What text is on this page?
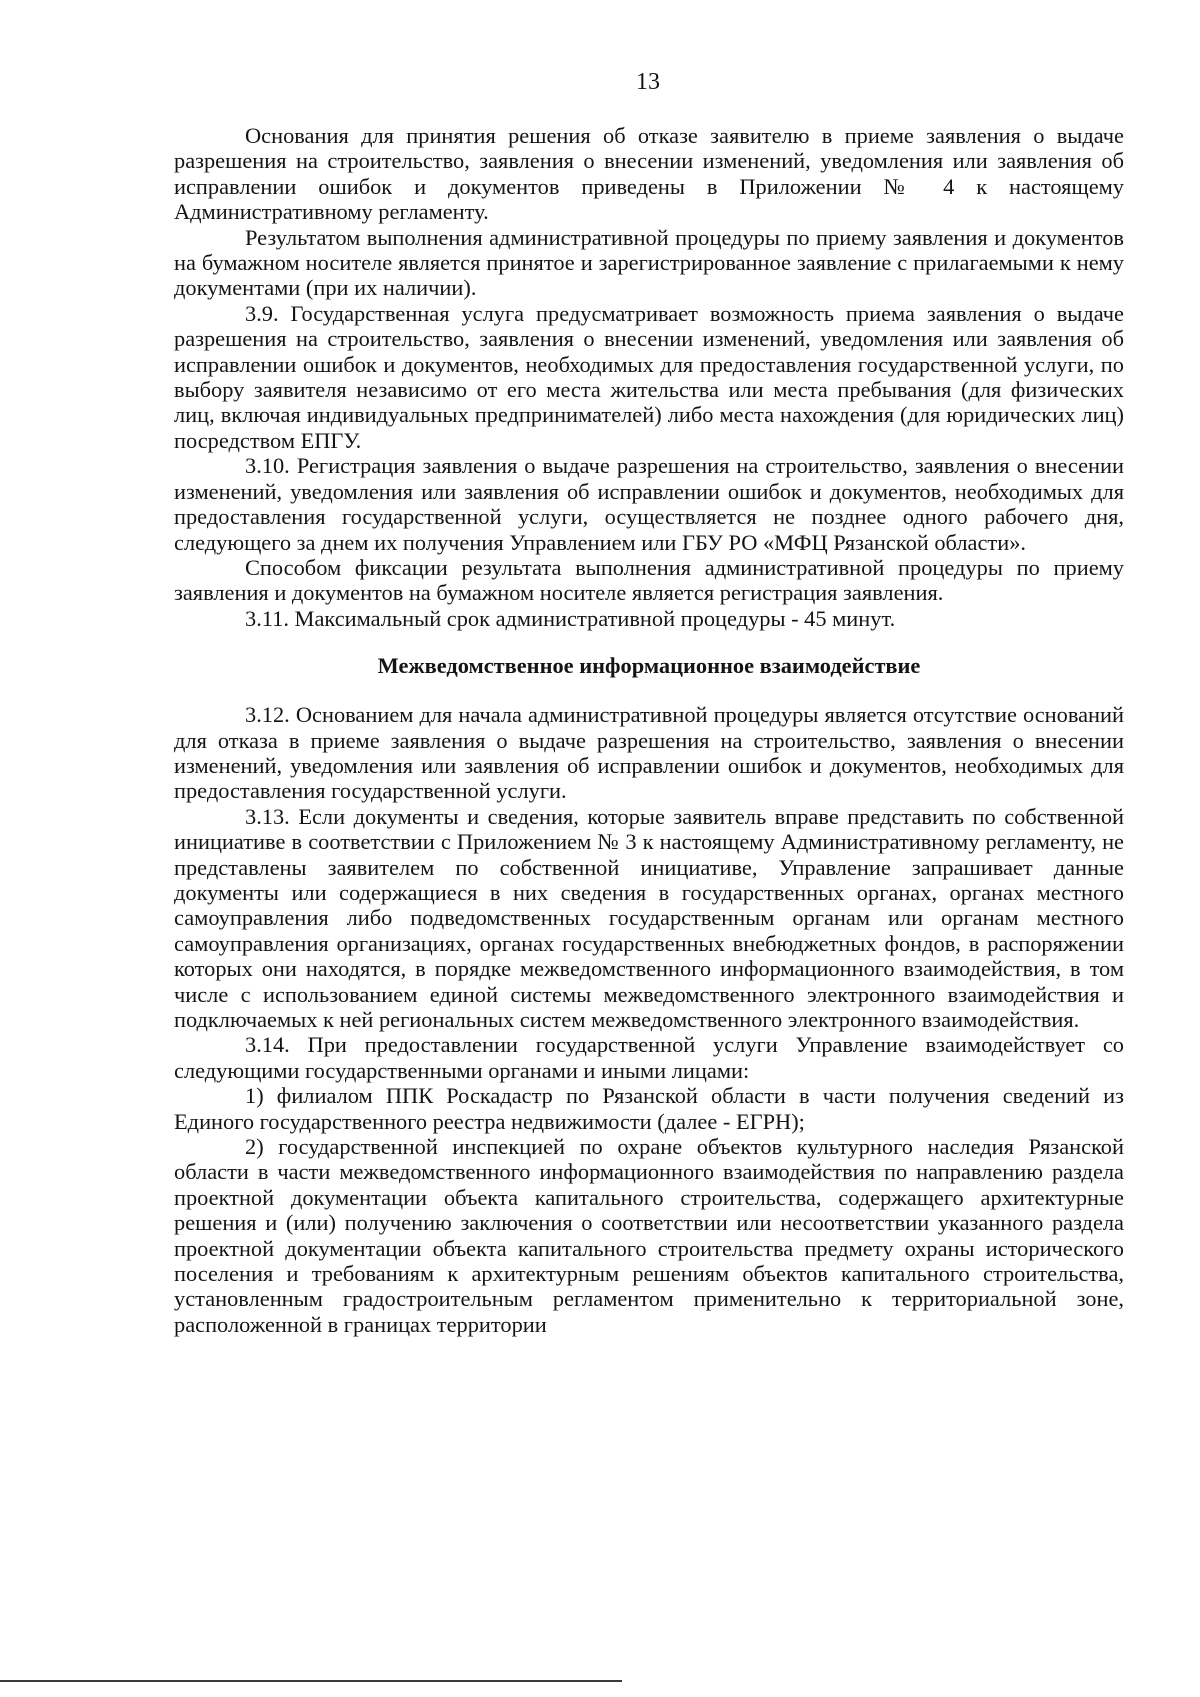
13

Основания для принятия решения об отказе заявителю в приеме заявления о выдаче разрешения на строительство, заявления о внесении изменений, уведомления или заявления об исправлении ошибок и документов приведены в Приложении № 4 к настоящему Административному регламенту.

Результатом выполнения административной процедуры по приему заявления и документов на бумажном носителе является принятое и зарегистрированное заявление с прилагаемыми к нему документами (при их наличии).

3.9. Государственная услуга предусматривает возможность приема заявления о выдаче разрешения на строительство, заявления о внесении изменений, уведомления или заявления об исправлении ошибок и документов, необходимых для предоставления государственной услуги, по выбору заявителя независимо от его места жительства или места пребывания (для физических лиц, включая индивидуальных предпринимателей) либо места нахождения (для юридических лиц) посредством ЕПГУ.

3.10. Регистрация заявления о выдаче разрешения на строительство, заявления о внесении изменений, уведомления или заявления об исправлении ошибок и документов, необходимых для предоставления государственной услуги, осуществляется не позднее одного рабочего дня, следующего за днем их получения Управлением или ГБУ РО «МФЦ Рязанской области».

Способом фиксации результата выполнения административной процедуры по приему заявления и документов на бумажном носителе является регистрация заявления.

3.11. Максимальный срок административной процедуры - 45 минут.

Межведомственное информационное взаимодействие

3.12. Основанием для начала административной процедуры является отсутствие оснований для отказа в приеме заявления о выдаче разрешения на строительство, заявления о внесении изменений, уведомления или заявления об исправлении ошибок и документов, необходимых для предоставления государственной услуги.

3.13. Если документы и сведения, которые заявитель вправе представить по собственной инициативе в соответствии с Приложением № 3 к настоящему Административному регламенту, не представлены заявителем по собственной инициативе, Управление запрашивает данные документы или содержащиеся в них сведения в государственных органах, органах местного самоуправления либо подведомственных государственным органам или органам местного самоуправления организациях, органах государственных внебюджетных фондов, в распоряжении которых они находятся, в порядке межведомственного информационного взаимодействия, в том числе с использованием единой системы межведомственного электронного взаимодействия и подключаемых к ней региональных систем межведомственного электронного взаимодействия.

3.14. При предоставлении государственной услуги Управление взаимодействует со следующими государственными органами и иными лицами:

1) филиалом ППК Роскадастр по Рязанской области в части получения сведений из Единого государственного реестра недвижимости (далее - ЕГРН);

2) государственной инспекцией по охране объектов культурного наследия Рязанской области в части межведомственного информационного взаимодействия по направлению раздела проектной документации объекта капитального строительства, содержащего архитектурные решения и (или) получению заключения о соответствии или несоответствии указанного раздела проектной документации объекта капитального строительства предмету охраны исторического поселения и требованиям к архитектурным решениям объектов капитального строительства, установленным градостроительным регламентом применительно к территориальной зоне, расположенной в границах территории
